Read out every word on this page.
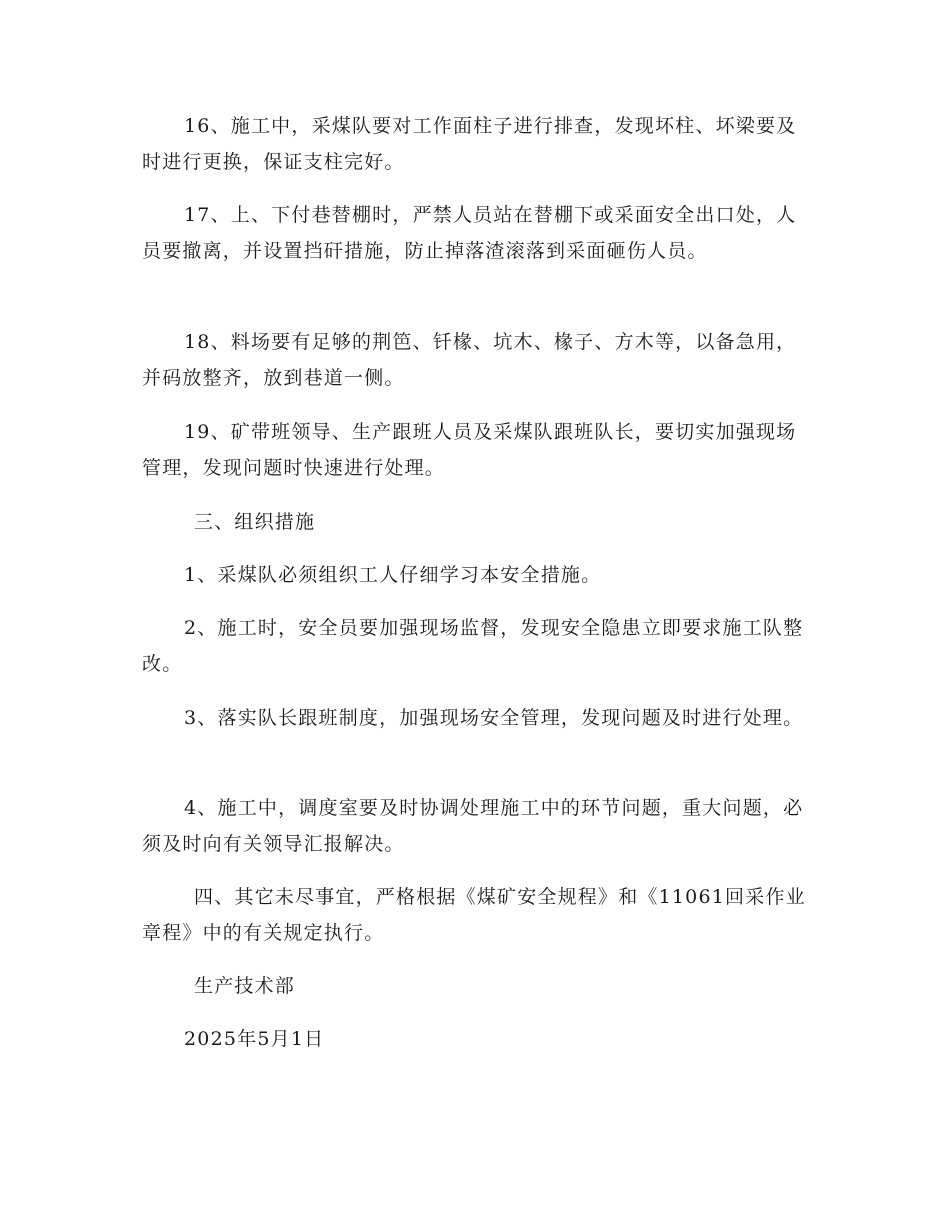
16、施工中，采煤队要对工作面柱子进行排查，发现坏柱、坏梁要及时进行更换，保证支柱完好。

17、上、下付巷替棚时，严禁人员站在替棚下或采面安全出口处，人员要撤离，并设置挡矸措施，防止掉落渣滚落到采面砸伤人员。

18、料场要有足够的荆笆、钎椽、坑木、椽子、方木等，以备急用，并码放整齐，放到巷道一侧。

19、矿带班领导、生产跟班人员及采煤队跟班队长，要切实加强现场管理，发现问题时快速进行处理。

三、组织措施

1、采煤队必须组织工人仔细学习本安全措施。

2、施工时，安全员要加强现场监督，发现安全隐患立即要求施工队整改。

3、落实队长跟班制度，加强现场安全管理，发现问题及时进行处理。

4、施工中，调度室要及时协调处理施工中的环节问题，重大问题，必须及时向有关领导汇报解决。

四、其它未尽事宜，严格根据《煤矿安全规程》和《11061回采作业章程》中的有关规定执行。

生产技术部

2025年5月1日
